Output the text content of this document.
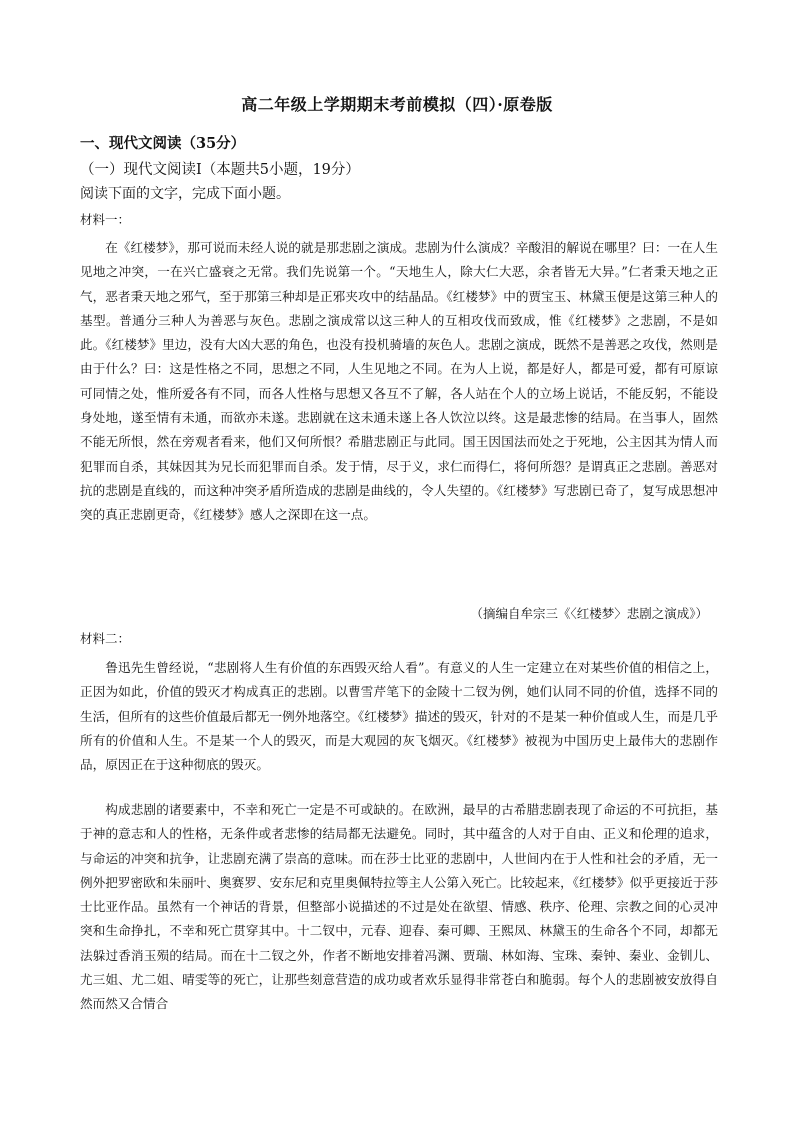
高二年级上学期期末考前模拟（四）·原卷版
一、现代文阅读（35分）
（一）现代文阅读Ⅰ（本题共5小题，19分）
阅读下面的文字，完成下面小题。
材料一：

在《红楼梦》，那可说而未经人说的就是那悲剧之演成。悲剧为什么演成？辛酸泪的解说在哪里？曰：一在人生见地之冲突，一在兴亡盛衰之无常。我们先说第一个。“天地生人，除大仁大恶，余者皆无大异。”仁者秉天地之正气，恶者秉天地之邪气，至于那第三种却是正邪夹攻中的结晶品。《红楼梦》中的贾宝玉、林黛玉便是这第三种人的基型。普通分三种人为善恶与灰色。悲剧之演成常以这三种人的互相攻伐而致成，惟《红楼梦》之悲剧，不是如此。《红楼梦》里边，没有大凶大恶的角色，也没有投机骑墙的灰色人。悲剧之演成，既然不是善恶之攻伐，然则是由于什么？曰：这是性格之不同，思想之不同，人生见地之不同。在为人上说，都是好人，都是可爱，都有可原谅可同情之处，惟所爱各有不同，而各人性格与思想又各互不了解，各人站在个人的立场上说话，不能反躬，不能设身处地，遂至情有未通，而欲亦未遂。悲剧就在这未通未遂上各人饮泣以终。这是最悲惨的结局。在当事人，固然不能无所恨，然在旁观者看来，他们又何所恨？希腊悲剧正与此同。国王因国法而处之于死地，公主因其为情人而犯罪而自杀，其妹因其为兄长而犯罪而自杀。发于情，尽于义，求仁而得仁，将何所怨？是谓真正之悲剧。善恶对抗的悲剧是直线的，而这种冲突矛盾所造成的悲剧是曲线的，令人失望的。《红楼梦》写悲剧已奇了，复写成思想冲突的真正悲剧更奇，《红楼梦》感人之深即在这一点。

（摘编自牟宗三《〈红楼梦〉悲剧之演成》）
材料二：

鲁迅先生曾经说，“悲剧将人生有价值的东西毁灭给人看”。有意义的人生一定建立在对某些价值的相信之上，正因为如此，价值的毁灭才构成真正的悲剧。以曹雪芹笔下的金陵十二钗为例，她们认同不同的价值，选择不同的生活，但所有的这些价值最后都无一例外地落空。《红楼梦》描述的毁灭，针对的不是某一种价值或人生，而是几乎所有的价值和人生。不是某一个人的毁灭，而是大观园的灰飞烟灭。《红楼梦》被视为中国历史上最伟大的悲剧作品，原因正在于这种彻底的毁灭。

构成悲剧的诸要素中，不幸和死亡一定是不可或缺的。在欧洲，最早的古希腊悲剧表现了命运的不可抗拒，基于神的意志和人的性格，无条件或者悲惨的结局都无法避免。同时，其中蕴含的人对于自由、正义和伦理的追求，与命运的冲突和抗争，让悲剧充满了崇高的意味。而在莎士比亚的悲剧中，人世间内在于人性和社会的矛盾，无一例外把罗密欧和朱丽叶、奥赛罗、安东尼和克里奥佩特拉等主人公第入死亡。比较起来，《红楼梦》似乎更接近于莎士比亚作品。虽然有一个神话的背景，但整部小说描述的不过是处在欲望、情感、秩序、伦理、宗教之间的心灵冲突和生命挣扎，不幸和死亡贯穿其中。十二钗中，元春、迎春、秦可卿、王熙凤、林黛玉的生命各个不同，却都无法躲过香消玉殒的结局。而在十二钗之外，作者不断地安排着冯渊、贾瑞、林如海、宝珠、秦钟、秦业、金钏儿、尤三姐、尤二姐、晴雯等的死亡，让那些刻意营造的成功或者欢乐显得非常苍白和脆弱。每个人的悲剧被安放得自然而然又合情合
